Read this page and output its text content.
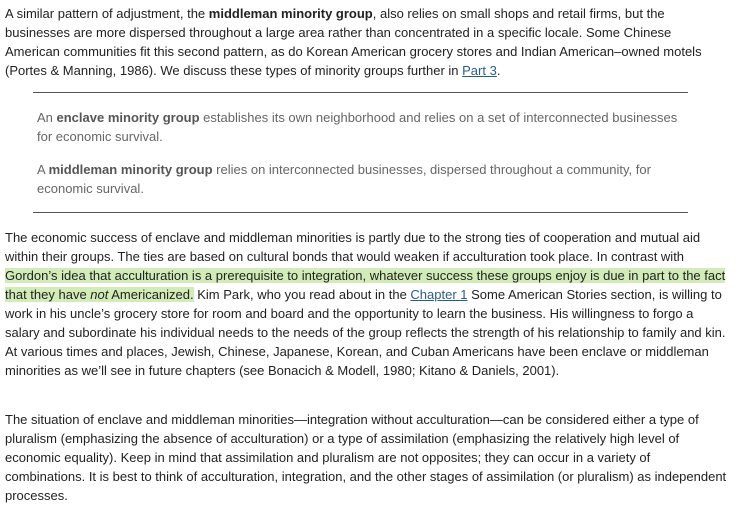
A similar pattern of adjustment, the middleman minority group, also relies on small shops and retail firms, but the businesses are more dispersed throughout a large area rather than concentrated in a specific locale. Some Chinese American communities fit this second pattern, as do Korean American grocery stores and Indian American–owned motels (Portes & Manning, 1986). We discuss these types of minority groups further in Part 3.

An enclave minority group establishes its own neighborhood and relies on a set of interconnected businesses for economic survival.

A middleman minority group relies on interconnected businesses, dispersed throughout a community, for economic survival.

The economic success of enclave and middleman minorities is partly due to the strong ties of cooperation and mutual aid within their groups. The ties are based on cultural bonds that would weaken if acculturation took place. In contrast with Gordon’s idea that acculturation is a prerequisite to integration, whatever success these groups enjoy is due in part to the fact that they have not Americanized. Kim Park, who you read about in the Chapter 1 Some American Stories section, is willing to work in his uncle’s grocery store for room and board and the opportunity to learn the business. His willingness to forgo a salary and subordinate his individual needs to the needs of the group reflects the strength of his relationship to family and kin. At various times and places, Jewish, Chinese, Japanese, Korean, and Cuban Americans have been enclave or middleman minorities as we’ll see in future chapters (see Bonacich & Modell, 1980; Kitano & Daniels, 2001).

The situation of enclave and middleman minorities—integration without acculturation—can be considered either a type of pluralism (emphasizing the absence of acculturation) or a type of assimilation (emphasizing the relatively high level of economic equality). Keep in mind that assimilation and pluralism are not opposites; they can occur in a variety of combinations. It is best to think of acculturation, integration, and the other stages of assimilation (or pluralism) as independent processes.
